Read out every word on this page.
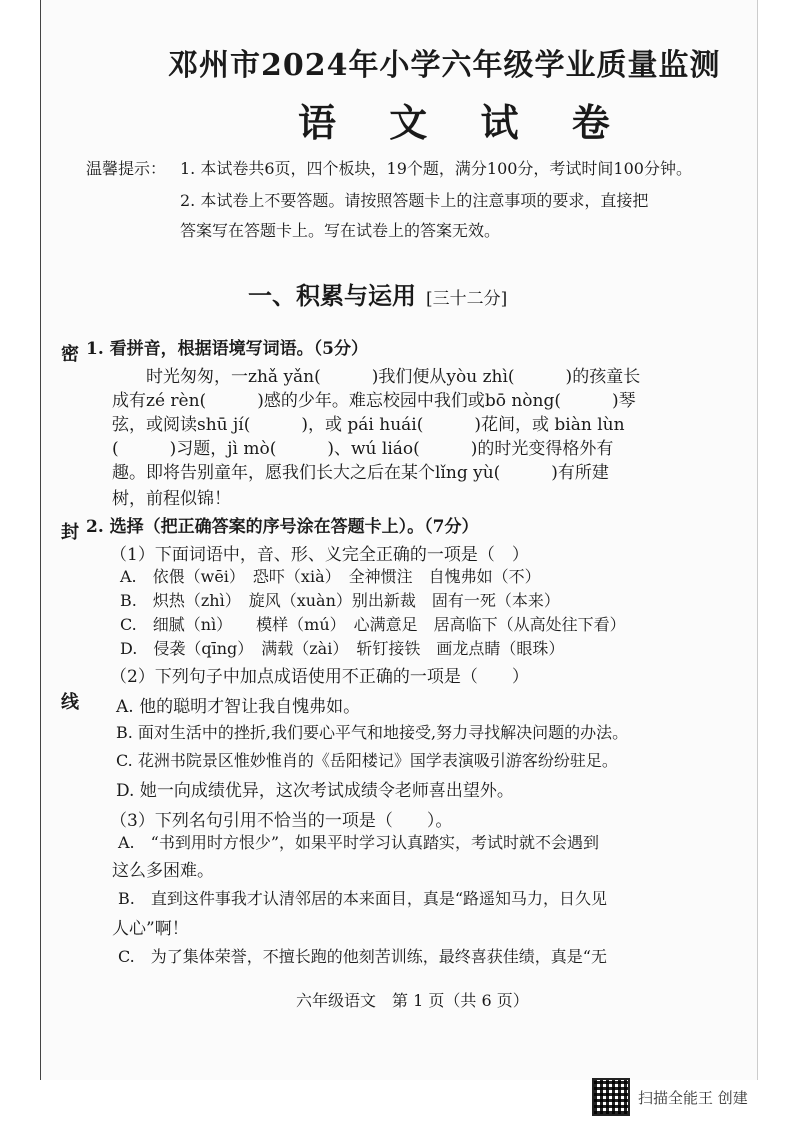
密
封
线
邓州市2024年小学六年级学业质量监测
语 文 试 卷
温馨提示： 1. 本试卷共6页，四个板块，19个题，满分100分，考试时间100分钟。
2. 本试卷上不要答题。请按照答题卡上的注意事项的要求，直接把
答案写在答题卡上。写在试卷上的答案无效。
一、积累与运用 [三十二分]
1. 看拼音，根据语境写词语。（5分）
时光匆匆，一zhǎ yǎn(　　　)我们便从yòu zhì(　　　)的孩童长
成有zé rèn(　　　)感的少年。难忘校园中我们或bō nòng(　　　)琴
弦，或阅读shū jí(　　　)，或 pái huái(　　　)花间，或 biàn lùn
(　　　)习题，jì mò(　　　)、wú liáo(　　　)的时光变得格外有
趣。即将告别童年，愿我们长大之后在某个lǐng yù(　　　)有所建
树，前程似锦！
2. 选择（把正确答案的序号涂在答题卡上）。（7分）
（1）下面词语中，音、形、义完全正确的一项是（　）
A.　依偎（wēi）　恐吓（xià）　全神惯注　自愧弗如（不）
B.　炽热（zhì）　旋风（xuàn）别出新裁　固有一死（本来）
C.　细腻（nì）　　模样（mú）　心满意足　居高临下（从高处往下看）
D.　侵袭（qīng）　满载（zài）　斩钉接铁　画龙点睛（眼珠）
（2）下列句子中加点成语使用不正确的一项是（　　）
A. 他的聪明才智让我自愧弗如。
B. 面对生活中的挫折,我们要心平气和地接受,努力寻找解决问题的办法。
C. 花洲书院景区惟妙惟肖的《岳阳楼记》国学表演吸引游客纷纷驻足。
D. 她一向成绩优异，这次考试成绩令老师喜出望外。
（3）下列名句引用不恰当的一项是（　　）。
A.　“书到用时方恨少”，如果平时学习认真踏实，考试时就不会遇到
这么多困难。
B.　直到这件事我才认清邻居的本来面目，真是“路遥知马力，日久见
人心”啊！
C.　为了集体荣誉，不擅长跑的他刻苦训练，最终喜获佳绩，真是“无
六年级语文　第 1 页（共 6 页）
扫描全能王 创建
